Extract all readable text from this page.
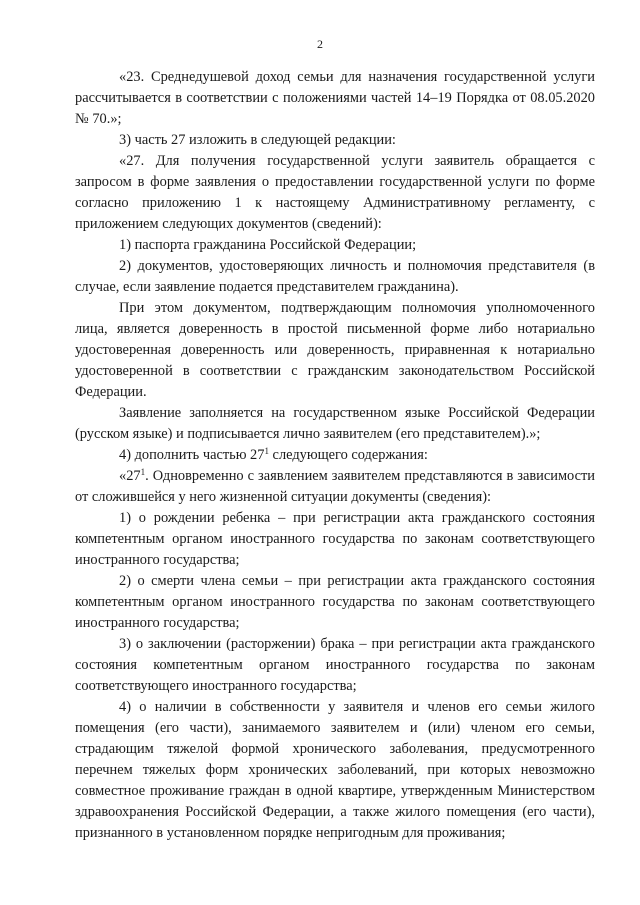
2

«23. Среднедушевой доход семьи для назначения государственной услуги рассчитывается в соответствии с положениями частей 14–19 Порядка от 08.05.2020 № 70.»;

3) часть 27 изложить в следующей редакции:

«27. Для получения государственной услуги заявитель обращается с запросом в форме заявления о предоставлении государственной услуги по форме согласно приложению 1 к настоящему Административному регламенту, с приложением следующих документов (сведений):

1) паспорта гражданина Российской Федерации;

2) документов, удостоверяющих личность и полномочия представителя (в случае, если заявление подается представителем гражданина).

При этом документом, подтверждающим полномочия уполномоченного лица, является доверенность в простой письменной форме либо нотариально удостоверенная доверенность или доверенность, приравненная к нотариально удостоверенной в соответствии с гражданским законодательством Российской Федерации.

Заявление заполняется на государственном языке Российской Федерации (русском языке) и подписывается лично заявителем (его представителем).»;

4) дополнить частью $27^1$ следующего содержания:

«$27^1$. Одновременно с заявлением заявителем представляются в зависимости от сложившейся у него жизненной ситуации документы (сведения):

1) о рождении ребенка – при регистрации акта гражданского состояния компетентным органом иностранного государства по законам соответствующего иностранного государства;

2) о смерти члена семьи – при регистрации акта гражданского состояния компетентным органом иностранного государства по законам соответствующего иностранного государства;

3) о заключении (расторжении) брака – при регистрации акта гражданского состояния компетентным органом иностранного государства по законам соответствующего иностранного государства;

4) о наличии в собственности у заявителя и членов его семьи жилого помещения (его части), занимаемого заявителем и (или) членом его семьи, страдающим тяжелой формой хронического заболевания, предусмотренного перечнем тяжелых форм хронических заболеваний, при которых невозможно совместное проживание граждан в одной квартире, утвержденным Министерством здравоохранения Российской Федерации, а также жилого помещения (его части), признанного в установленном порядке непригодным для проживания;
